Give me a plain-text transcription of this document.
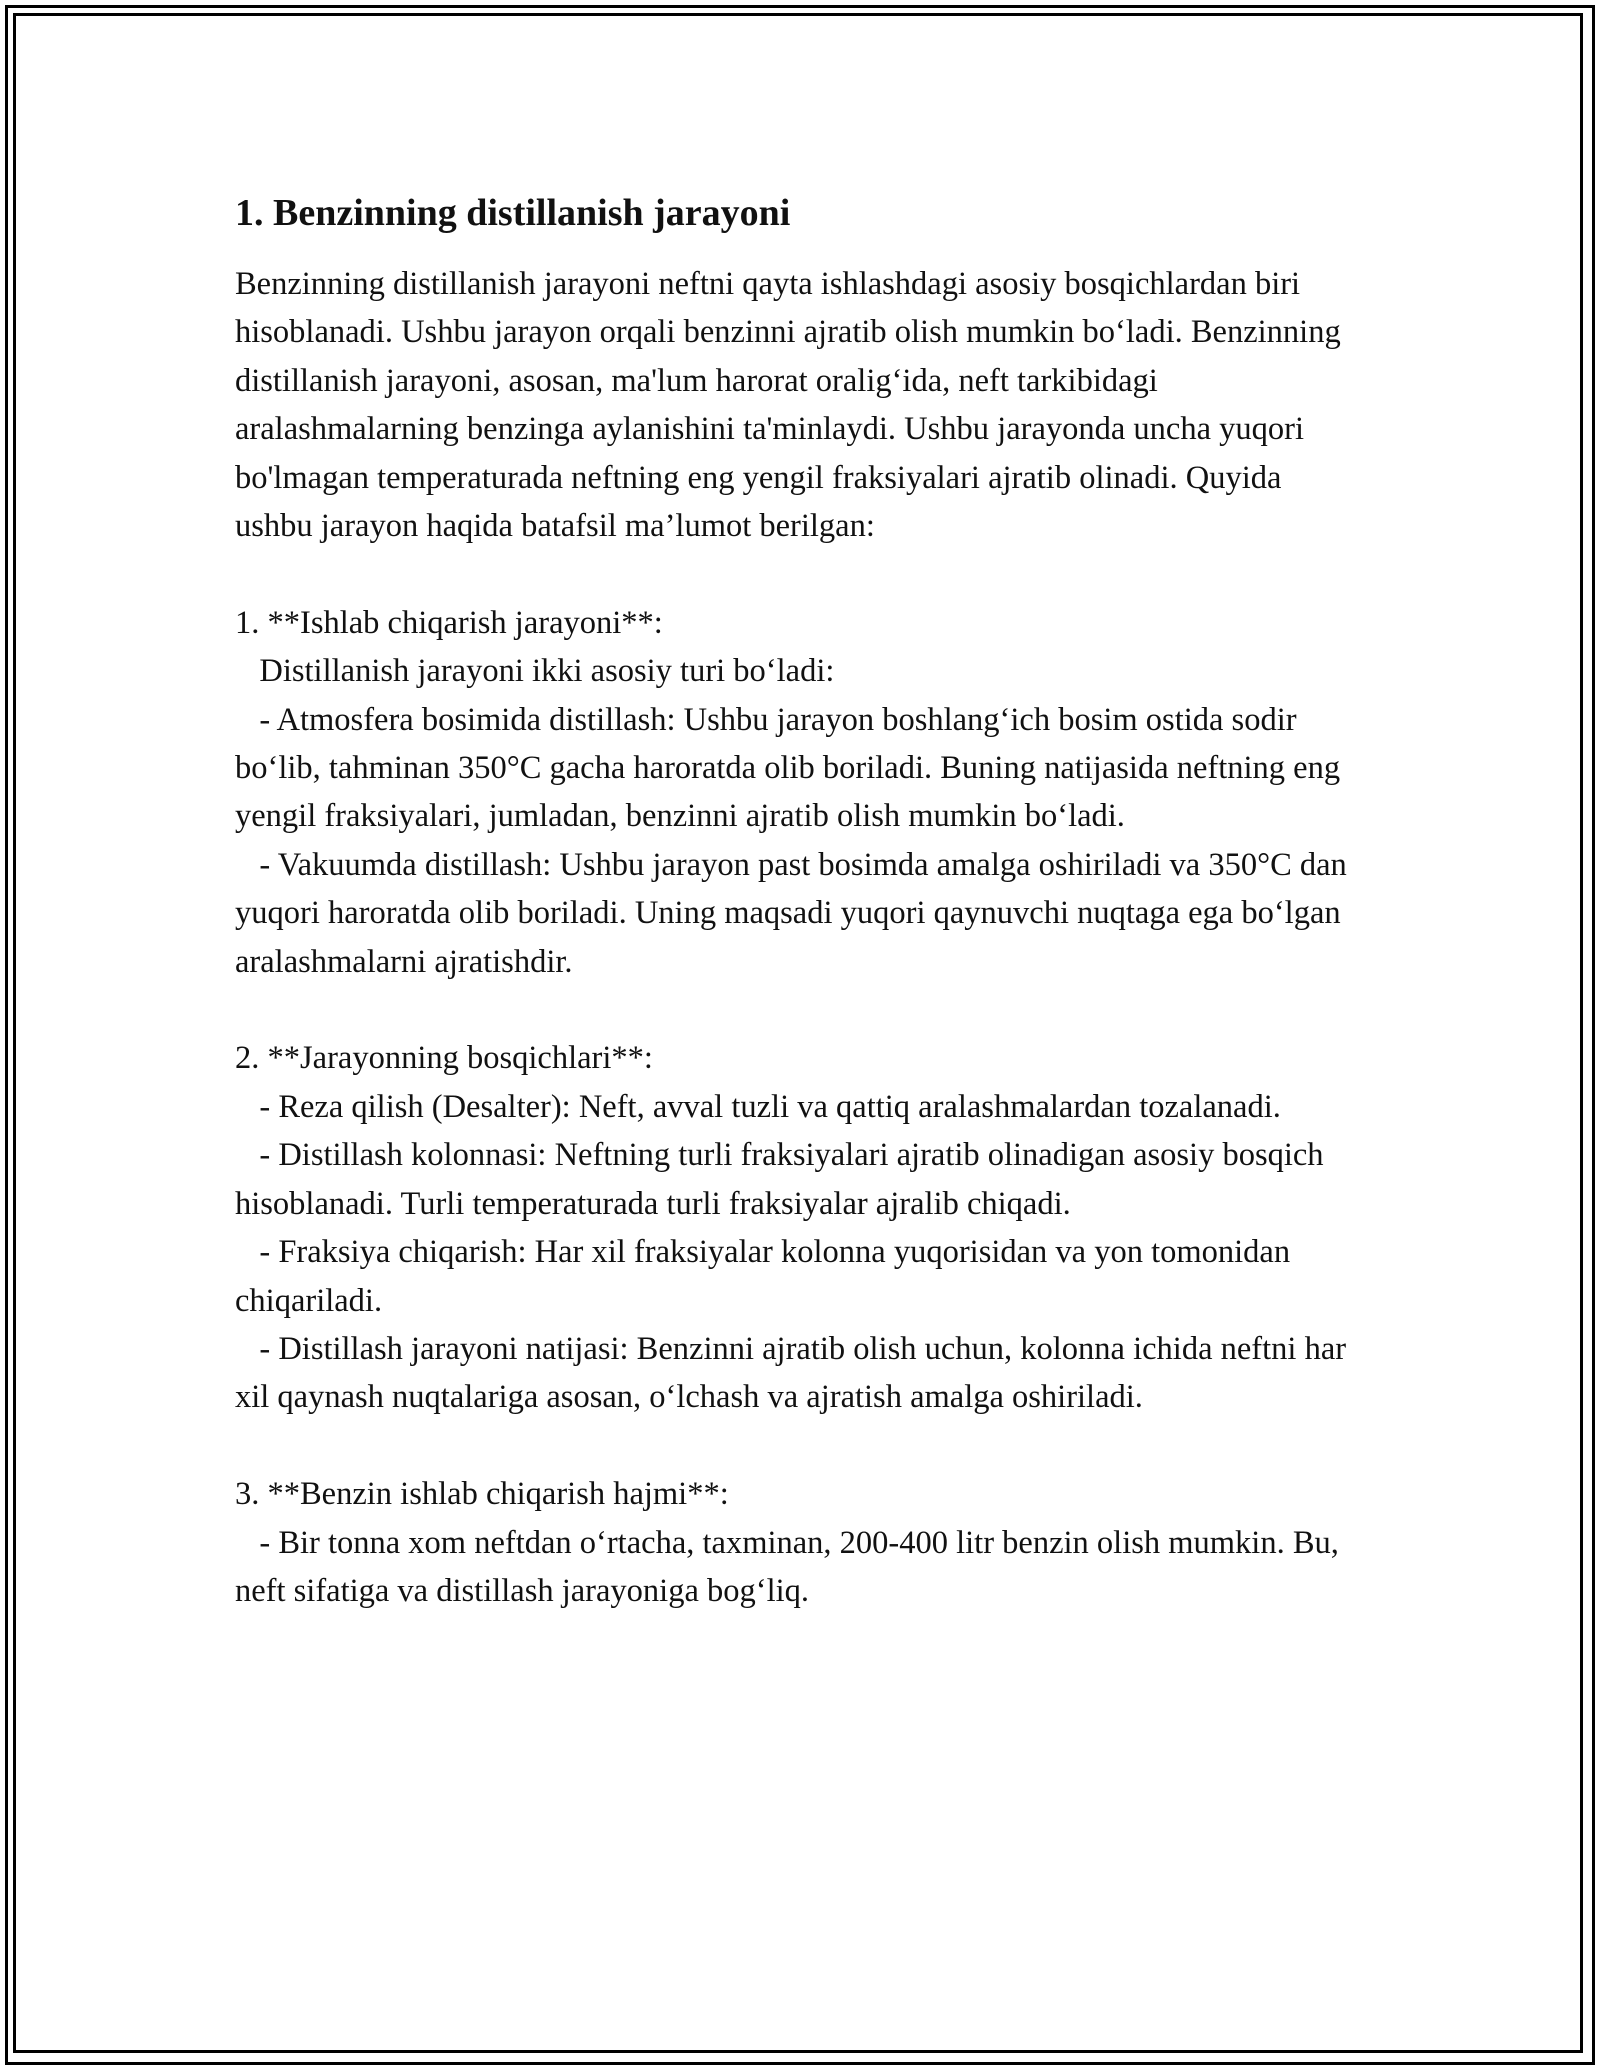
1. Benzinning distillanish jarayoni

Benzinning distillanish jarayoni neftni qayta ishlashdagi asosiy bosqichlardan biri hisoblanadi. Ushbu jarayon orqali benzinni ajratib olish mumkin bo‘ladi. Benzinning distillanish jarayoni, asosan, ma'lum harorat oralig‘ida, neft tarkibidagi aralashmalarning benzinga aylanishini ta'minlaydi. Ushbu jarayonda uncha yuqori bo'lmagan temperaturada neftning eng yengil fraksiyalari ajratib olinadi. Quyida ushbu jarayon haqida batafsil ma’lumot berilgan:

1. **Ishlab chiqarish jarayoni**:

Distillanish jarayoni ikki asosiy turi bo‘ladi:

- Atmosfera bosimida distillash: Ushbu jarayon boshlang‘ich bosim ostida sodir bo‘lib, tahminan 350°C gacha haroratda olib boriladi. Buning natijasida neftning eng yengil fraksiyalari, jumladan, benzinni ajratib olish mumkin bo‘ladi.

- Vakuumda distillash: Ushbu jarayon past bosimda amalga oshiriladi va 350°C dan yuqori haroratda olib boriladi. Uning maqsadi yuqori qaynuvchi nuqtaga ega bo‘lgan aralashmalarni ajratishdir.

2. **Jarayonning bosqichlari**:

- Reza qilish (Desalter): Neft, avval tuzli va qattiq aralashmalardan tozalanadi.

- Distillash kolonnasi: Neftning turli fraksiyalari ajratib olinadigan asosiy bosqich hisoblanadi. Turli temperaturada turli fraksiyalar ajralib chiqadi.

- Fraksiya chiqarish: Har xil fraksiyalar kolonna yuqorisidan va yon tomonidan chiqariladi.

- Distillash jarayoni natijasi: Benzinni ajratib olish uchun, kolonna ichida neftni har xil qaynash nuqtalariga asosan, o‘lchash va ajratish amalga oshiriladi.

3. **Benzin ishlab chiqarish hajmi**:

- Bir tonna xom neftdan o‘rtacha, taxminan, 200-400 litr benzin olish mumkin. Bu, neft sifatiga va distillash jarayoniga bog‘liq.
